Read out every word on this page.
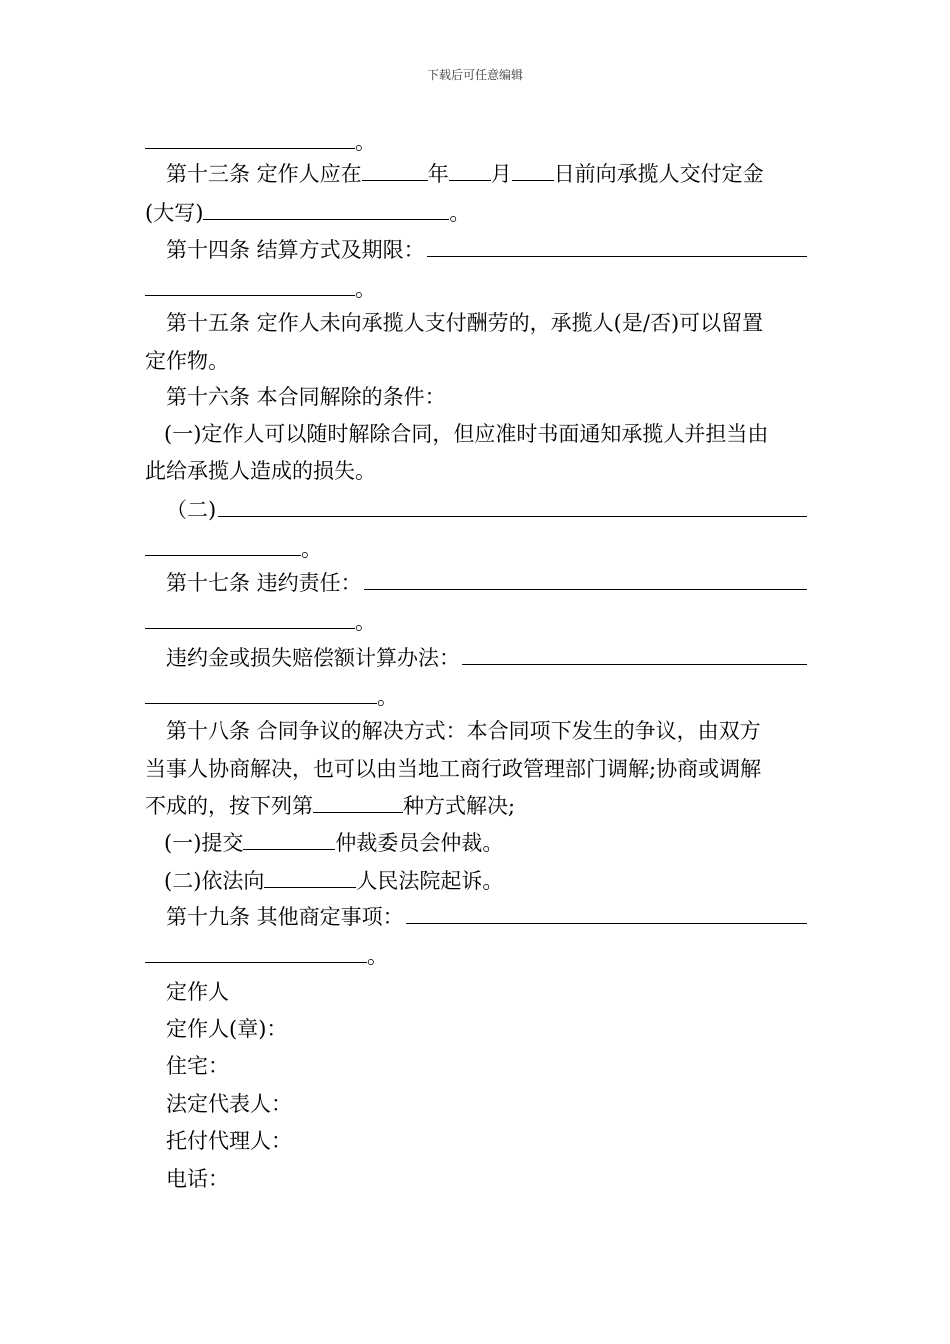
下载后可任意编辑
。
第十三条 定作人应在	年 月 日前向承揽人交付定金
(大写)	。
第十四条 结算方式及期限：
。
第十五条 定作人未向承揽人支付酬劳的，承揽人(是/否)可以留置
定作物。
第十六条 本合同解除的条件：
(一)定作人可以随时解除合同，但应准时书面通知承揽人并担当由
此给承揽人造成的损失。
（二)
。
第十七条 违约责任：
。
违约金或损失赔偿额计算办法：
。
第十八条 合同争议的解决方式：本合同项下发生的争议，由双方
当事人协商解决，也可以由当地工商行政管理部门调解;协商或调解
不成的，按下列第	种方式解决;
(一)提交	仲裁委员会仲裁。
(二)依法向	人民法院起诉。
第十九条 其他商定事项：
。
定作人
定作人(章)：
住宅：
法定代表人：
托付代理人：
电话：
